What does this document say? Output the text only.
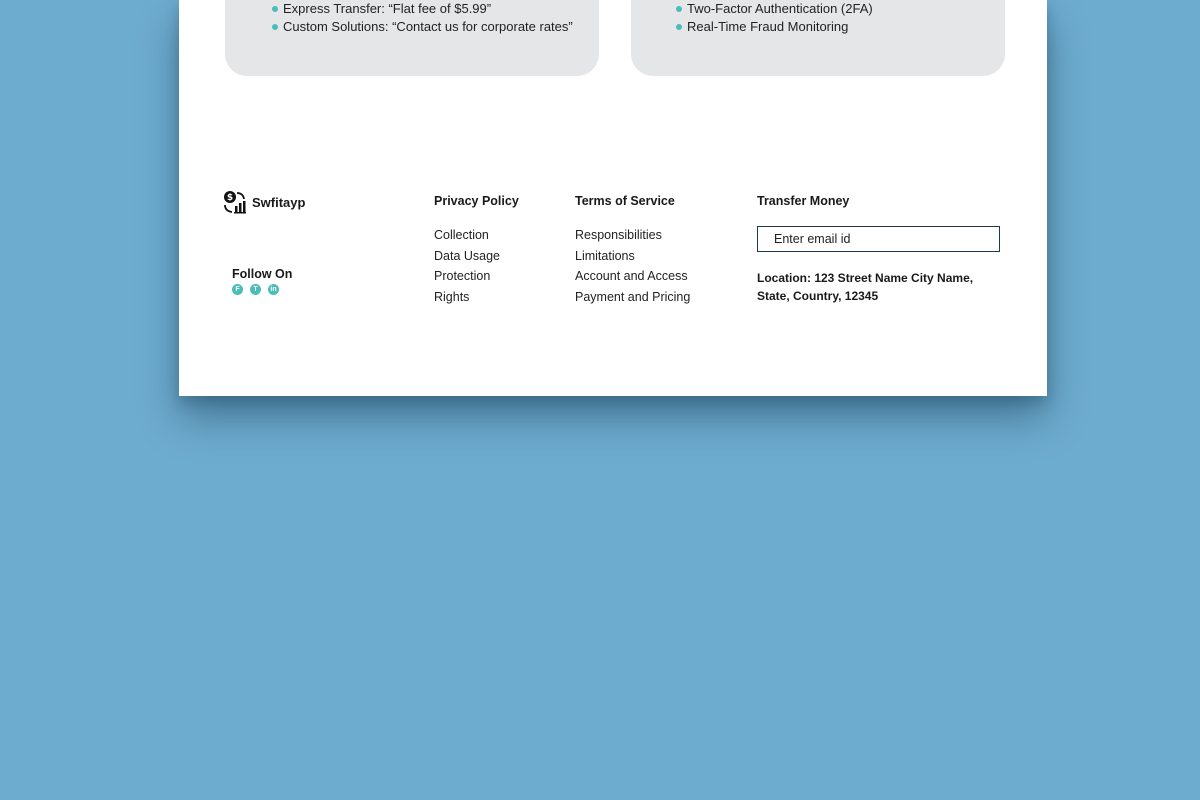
Express Transfer: “Flat fee of $5.99”
Custom Solutions: “Contact us for corporate rates”
Two-Factor Authentication (2FA)
Real-Time Fraud Monitoring
$ Swfitayp
Follow On
F	T	in
Privacy Policy
Collection
Data Usage
Protection
Rights
Terms of Service
Responsibilities
Limitations
Account and Access
Payment and Pricing
Transfer Money
Enter email id
Location: 123 Street Name City Name, State, Country, 12345
